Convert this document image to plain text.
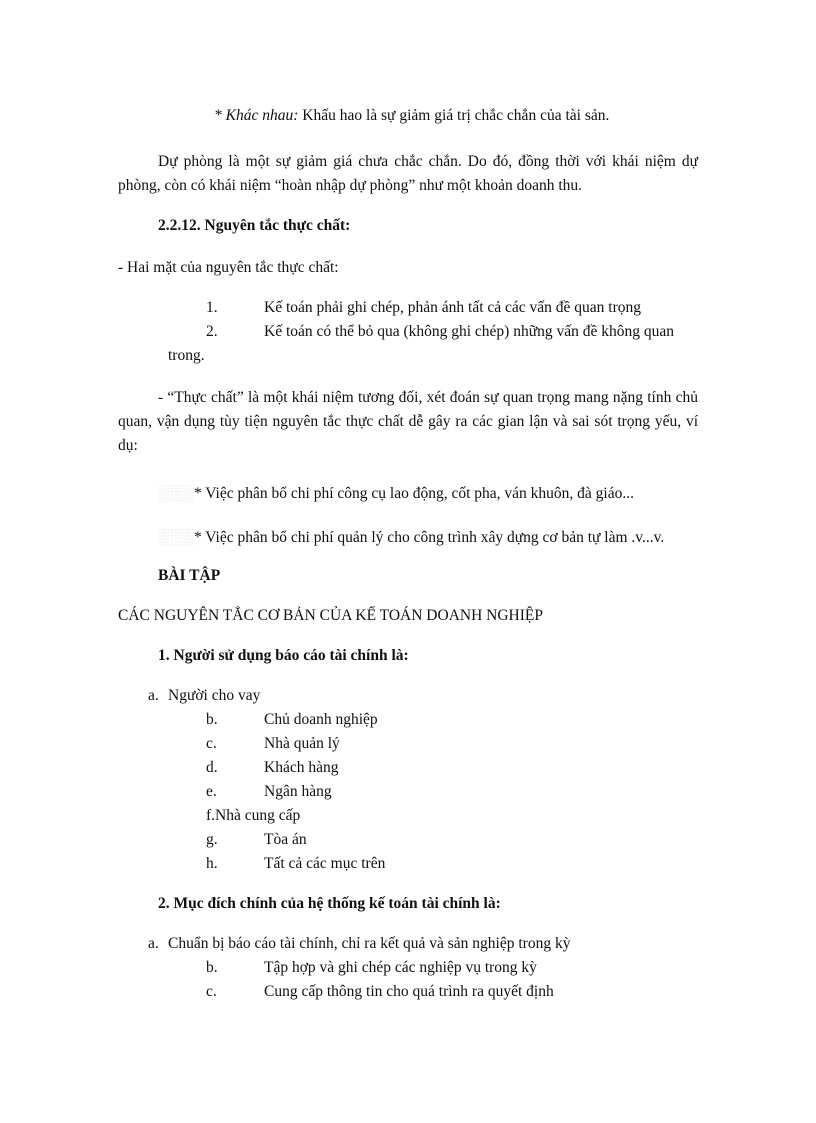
* Khác nhau: Khấu hao là sự giảm giá trị chắc chắn của tài sản.
Dự phòng là một sự giảm giá chưa chắc chắn. Do đó, đồng thời với khái niệm dự phòng, còn có khái niệm “hoàn nhập dự phòng” như một khoản doanh thu.
2.2.12. Nguyên tắc thực chất:
- Hai mặt của nguyên tắc thực chất:
1.	Kế toán phải ghi chép, phản ánh tất cả các vấn đề quan trọng
2.	Kế toán có thể bỏ qua (không ghi chép) những vấn đề không quan
trong.
- “Thực chất” là một khái niệm tương đối, xét đoán sự quan trọng mang nặng tính chủ quan, vận dụng tùy tiện nguyên tắc thực chất dễ gây ra các gian lận và sai sót trọng yếu, ví dụ:
░░░* Việc phân bổ chi phí công cụ lao động, cốt pha, ván khuôn, đà giáo...
░░░* Việc phân bổ chi phí quản lý cho công trình xây dựng cơ bản tự làm .v...v.
BÀI TẬP
CÁC NGUYÊN TẮC CƠ BẢN CỦA KẾ TOÁN DOANH NGHIỆP
1. Người sử dụng báo cáo tài chính là:
a. Người cho vay
b.	Chủ doanh nghiệp
c.	Nhà quản lý
d.	Khách hàng
e.	Ngân hàng
f.Nhà cung cấp
g.	Tòa án
h.	Tất cả các mục trên
2. Mục đích chính của hệ thống kế toán tài chính là:
a. Chuẩn bị báo cáo tài chính, chỉ ra kết quả và sản nghiệp trong kỳ
b.	Tập hợp và ghi chép các nghiệp vụ trong kỳ
c.	Cung cấp thông tin cho quá trình ra quyết định
